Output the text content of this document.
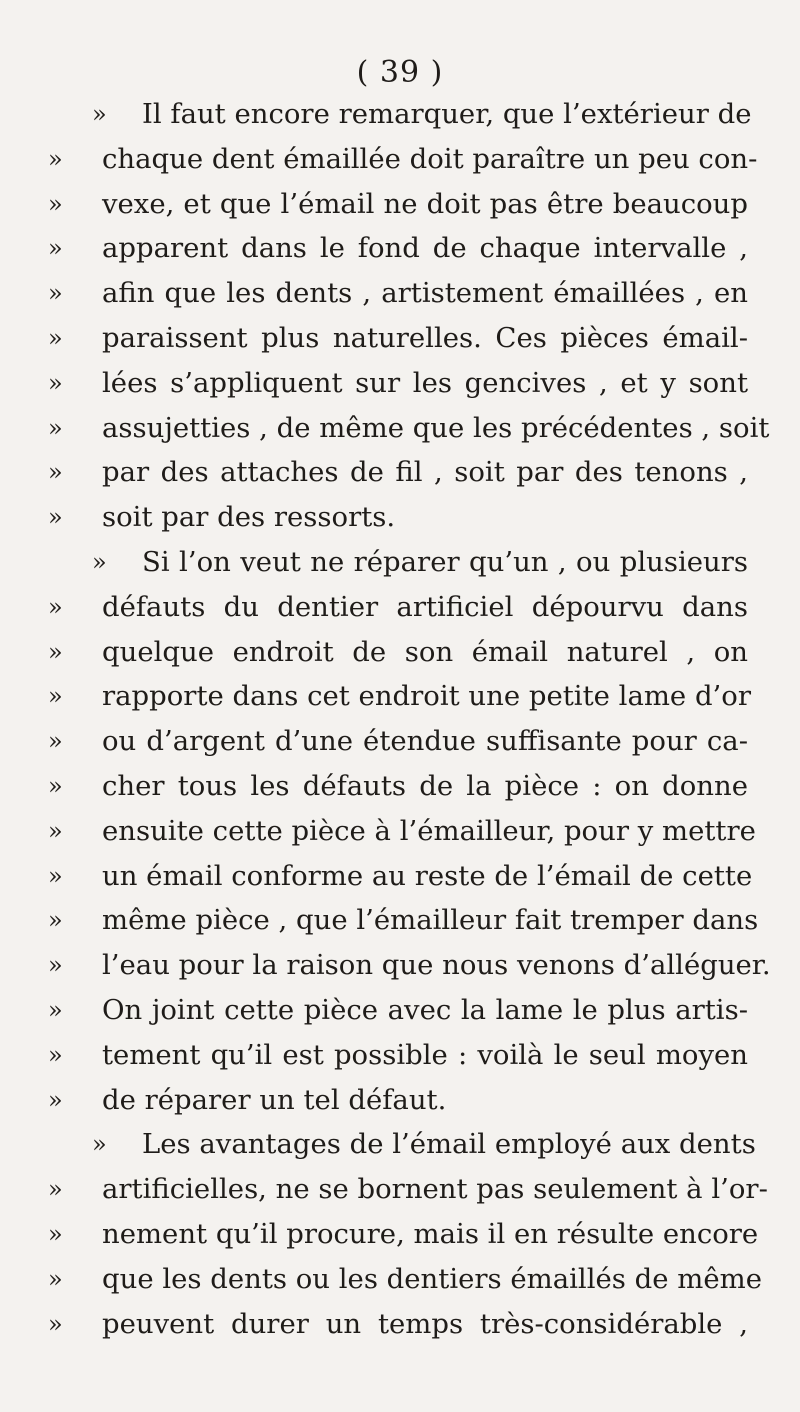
( 39 )
»	Il faut encore remarquer, que l’extérieur de
»	chaque dent émaillée doit paraître un peu con-
»	vexe, et que l’émail ne doit pas être beaucoup
»	apparent dans le fond de chaque intervalle ,
»	afin que les dents , artistement émaillées , en
»	paraissent plus naturelles. Ces pièces émail-
»	lées s’appliquent sur les gencives , et y sont
»	assujetties , de même que les précédentes , soit
»	par des attaches de fil , soit par des tenons ,
»	soit par des ressorts.
»	Si l’on veut ne réparer qu’un , ou plusieurs
»	défauts du dentier artificiel dépourvu dans
»	quelque endroit de son émail naturel , on
»	rapporte dans cet endroit une petite lame d’or
»	ou d’argent d’une étendue suffisante pour ca-
»	cher tous les défauts de la pièce : on donne
»	ensuite cette pièce à l’émailleur, pour y mettre
»	un émail conforme au reste de l’émail de cette
»	même pièce , que l’émailleur fait tremper dans
»	l’eau pour la raison que nous venons d’alléguer.
»	On joint cette pièce avec la lame le plus artis-
»	tement qu’il est possible : voilà le seul moyen
»	de réparer un tel défaut.
»	Les avantages de l’émail employé aux dents
»	artificielles, ne se bornent pas seulement à l’or-
»	nement qu’il procure, mais il en résulte encore
»	que les dents ou les dentiers émaillés de même
»	peuvent durer un temps très-considérable ,
